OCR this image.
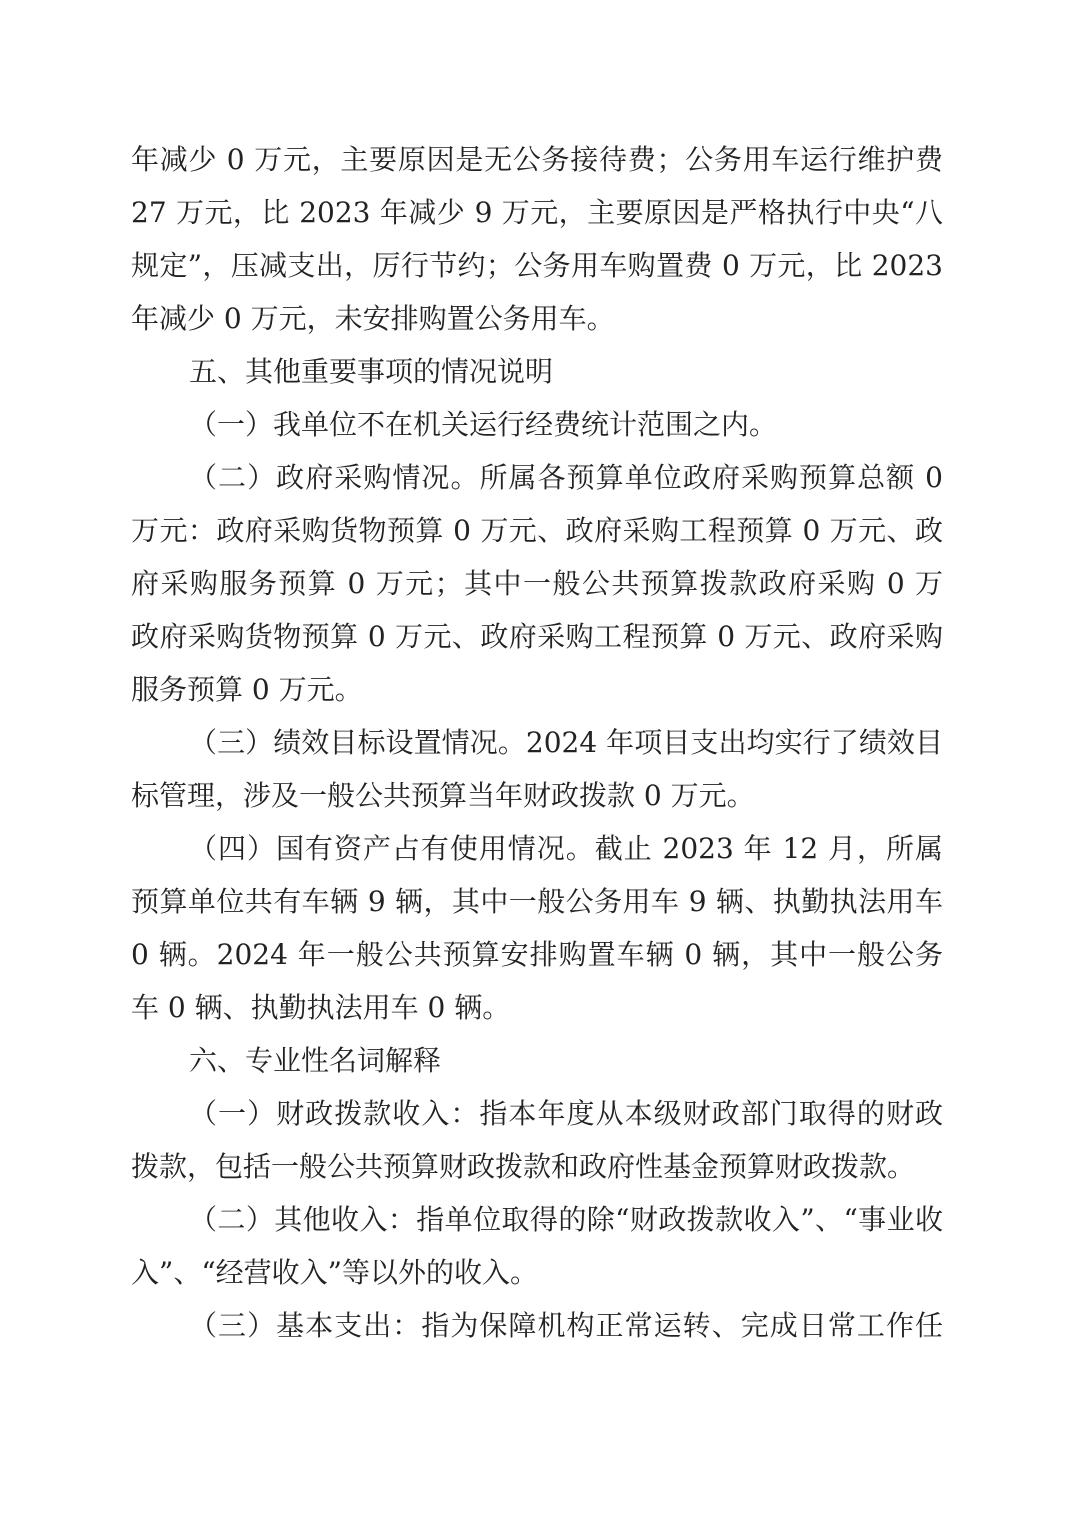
年减少 0 万元，主要原因是无公务接待费；公务用车运行维护费
27 万元，比 2023 年减少 9 万元，主要原因是严格执行中央“八
规定”，压减支出，厉行节约；公务用车购置费 0 万元，比 2023
年减少 0 万元，未安排购置公务用车。
五、其他重要事项的情况说明
（一）我单位不在机关运行经费统计范围之内。
（二）政府采购情况。所属各预算单位政府采购预算总额 0
万元：政府采购货物预算 0 万元、政府采购工程预算 0 万元、政
府采购服务预算 0 万元；其中一般公共预算拨款政府采购 0 万
政府采购货物预算 0 万元、政府采购工程预算 0 万元、政府采购
服务预算 0 万元。
（三）绩效目标设置情况。2024 年项目支出均实行了绩效目
标管理，涉及一般公共预算当年财政拨款 0 万元。
（四）国有资产占有使用情况。截止 2023 年 12 月，所属
预算单位共有车辆 9 辆，其中一般公务用车 9 辆、执勤执法用车
0 辆。2024 年一般公共预算安排购置车辆 0 辆，其中一般公务
车 0 辆、执勤执法用车 0 辆。
六、专业性名词解释
（一）财政拨款收入：指本年度从本级财政部门取得的财政
拨款，包括一般公共预算财政拨款和政府性基金预算财政拨款。
（二）其他收入：指单位取得的除“财政拨款收入”、“事业收
入”、“经营收入”等以外的收入。
（三）基本支出：指为保障机构正常运转、完成日常工作任
